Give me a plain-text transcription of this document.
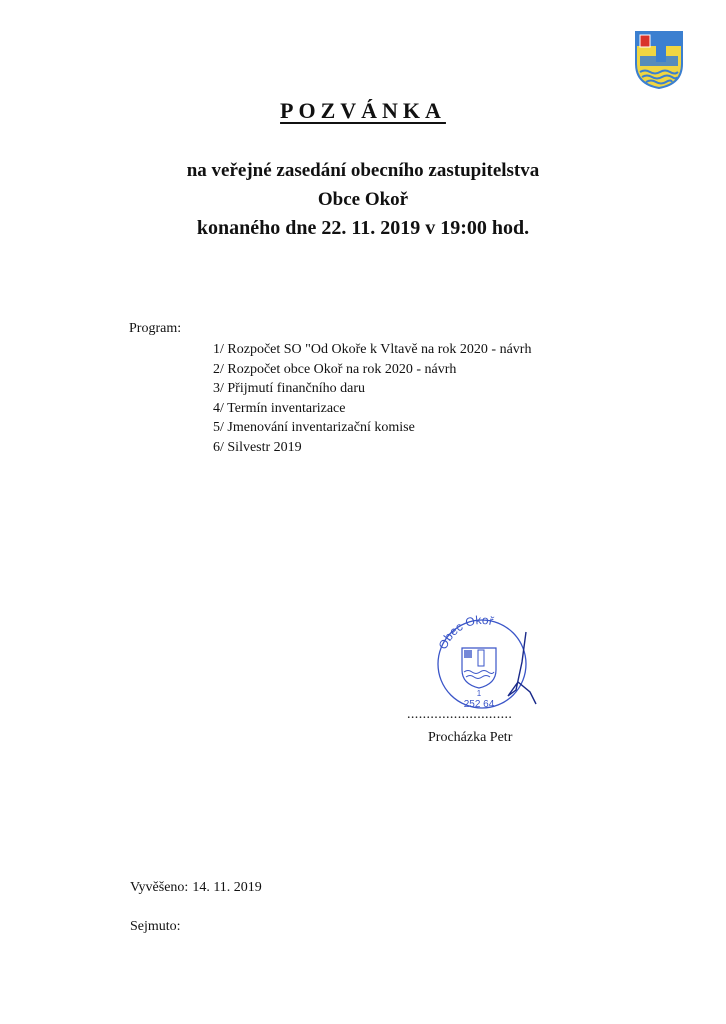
POZVÁNKA
na veřejné zasedání obecního zastupitelstva
Obce Okoř
konaného dne 22. 11. 2019 v 19:00 hod.
Program:
1/ Rozpočet SO "Od Okoře k Vltavě na rok 2020 - návrh
2/ Rozpočet obce Okoř na rok 2020 - návrh
3/ Přijmutí finančního daru
4/ Termín inventarizace
5/ Jmenování inventarizační komise
6/ Silvestr 2019
Obec Okoř
1
252 64
...........................
Procházka Petr
Vyvěšeno: 14. 11. 2019
Sejmuto:
